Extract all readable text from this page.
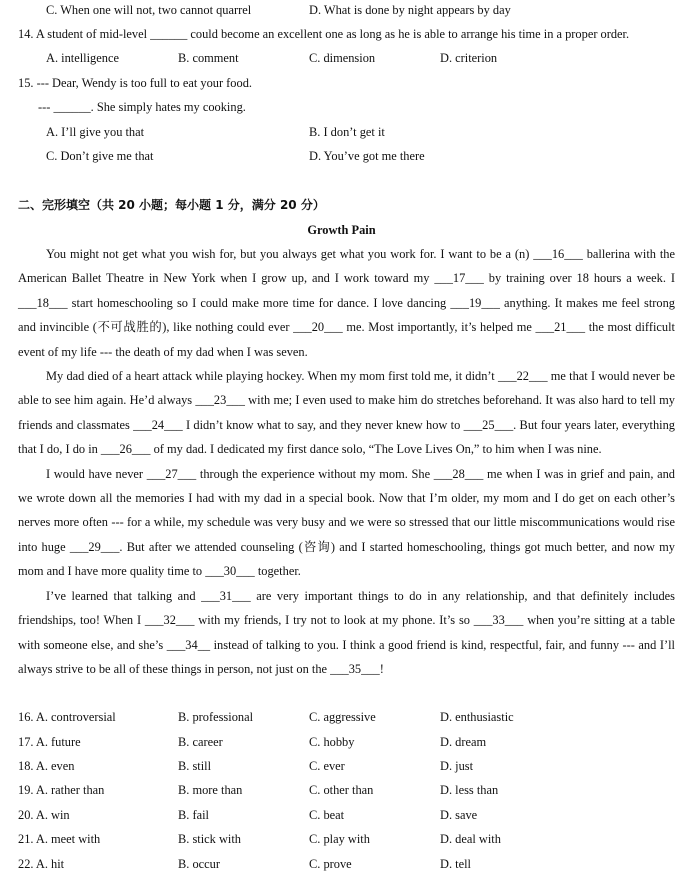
C. When one will not, two cannot quarrel	D. What is done by night appears by day
14. A student of mid-level ______ could become an excellent one as long as he is able to arrange his time in a proper order.
A. intelligence	B. comment	C. dimension	D. criterion
15. --- Dear, Wendy is too full to eat your food.
--- ______. She simply hates my cooking.
A. I’ll give you that	B. I don’t get it
C. Don’t give me that	D. You’ve got me there
二、完形填空（共 20 小题；每小题 1 分，满分 20 分）
Growth Pain

You might not get what you wish for, but you always get what you work for. I want to be a (n) ___16___ ballerina with the American Ballet Theatre in New York when I grow up, and I work toward my ___17___ by training over 18 hours a week. I ___18___ start homeschooling so I could make more time for dance. I love dancing ___19___ anything. It makes me feel strong and invincible (不可战胜的), like nothing could ever ___20___ me. Most importantly, it’s helped me ___21___ the most difficult event of my life --- the death of my dad when I was seven.

My dad died of a heart attack while playing hockey. When my mom first told me, it didn’t ___22___ me that I would never be able to see him again. He’d always ___23___ with me; I even used to make him do stretches beforehand. It was also hard to tell my friends and classmates ___24___ I didn’t know what to say, and they never knew how to ___25___. But four years later, everything that I do, I do in ___26___ of my dad. I dedicated my first dance solo, “The Love Lives On,” to him when I was nine.

I would have never ___27___ through the experience without my mom. She ___28___ me when I was in grief and pain, and we wrote down all the memories I had with my dad in a special book. Now that I’m older, my mom and I do get on each other’s nerves more often --- for a while, my schedule was very busy and we were so stressed that our little miscommunications would rise into huge ___29___. But after we attended counseling (咨询) and I started homeschooling, things got much better, and now my mom and I have more quality time to ___30___ together.

I’ve learned that talking and ___31___ are very important things to do in any relationship, and that definitely includes friendships, too! When I ___32___ with my friends, I try not to look at my phone. It’s so ___33___ when you’re sitting at a table with someone else, and she’s ___34__ instead of talking to you. I think a good friend is kind, respectful, fair, and funny --- and I’ll always strive to be all of these things in person, not just on the ___35___!

16. A. controversial	B. professional	C. aggressive	D. enthusiastic
17. A. future	B. career	C. hobby	D. dream
18. A. even	B. still	C. ever	D. just
19. A. rather than	B. more than	C. other than	D. less than
20. A. win	B. fail	C. beat	D. save
21. A. meet with	B. stick with	C. play with	D. deal with
22. A. hit	B. occur	C. prove	D. tell
